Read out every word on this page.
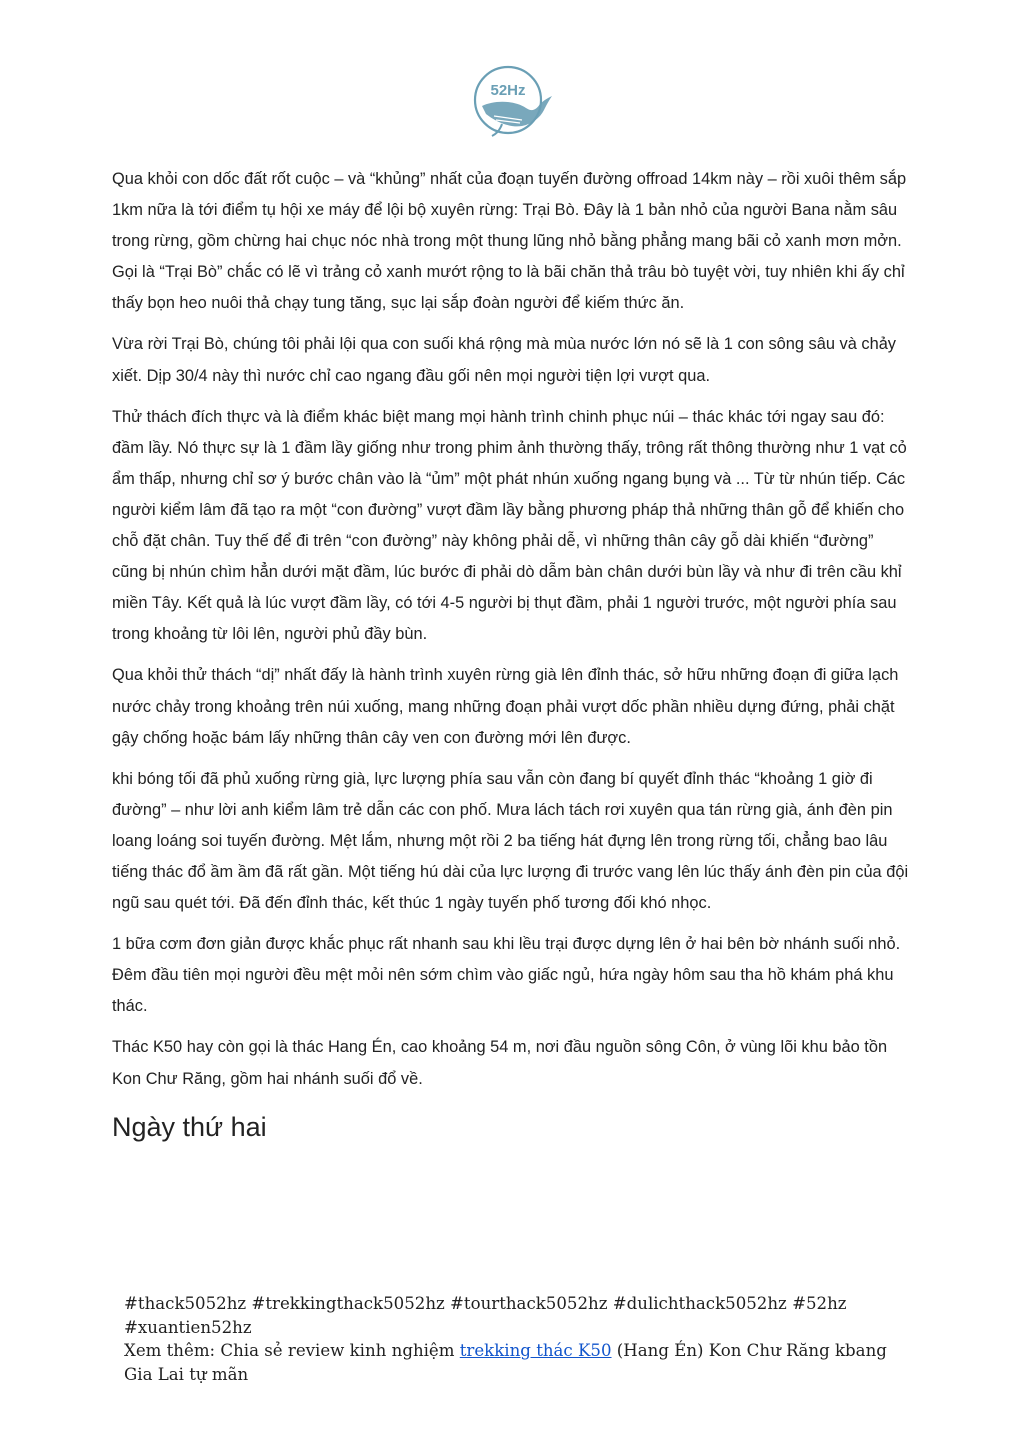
52Hz

Qua khỏi con dốc đất rốt cuộc – và “khủng” nhất của đoạn tuyến đường offroad 14km này – rồi xuôi thêm sắp 1km nữa là tới điểm tụ hội xe máy để lội bộ xuyên rừng: Trại Bò. Đây là 1 bản nhỏ của người Bana nằm sâu trong rừng, gồm chừng hai chục nóc nhà trong một thung lũng nhỏ bằng phẳng mang bãi cỏ xanh mơn mởn. Gọi là “Trại Bò” chắc có lẽ vì trảng cỏ xanh mướt rộng to là bãi chăn thả trâu bò tuyệt vời, tuy nhiên khi ấy chỉ thấy bọn heo nuôi thả chạy tung tăng, sục lại sắp đoàn người để kiếm thức ăn.

Vừa rời Trại Bò, chúng tôi phải lội qua con suối khá rộng mà mùa nước lớn nó sẽ là 1 con sông sâu và chảy xiết. Dịp 30/4 này thì nước chỉ cao ngang đầu gối nên mọi người tiện lợi vượt qua.

Thử thách đích thực và là điểm khác biệt mang mọi hành trình chinh phục núi – thác khác tới ngay sau đó: đầm lầy. Nó thực sự là 1 đầm lầy giống như trong phim ảnh thường thấy, trông rất thông thường như 1 vạt cỏ ẩm thấp, nhưng chỉ sơ ý bước chân vào là “ủm” một phát nhún xuống ngang bụng và ... Từ từ nhún tiếp. Các người kiểm lâm đã tạo ra một “con đường” vượt đầm lầy bằng phương pháp thả những thân gỗ để khiến cho chỗ đặt chân. Tuy thế để đi trên “con đường” này không phải dễ, vì những thân cây gỗ dài khiến “đường” cũng bị nhún chìm hẳn dưới mặt đầm, lúc bước đi phải dò dẫm bàn chân dưới bùn lầy và như đi trên cầu khỉ miền Tây. Kết quả là lúc vượt đầm lầy, có tới 4-5 người bị thụt đầm, phải 1 người trước, một người phía sau trong khoảng từ lôi lên, người phủ đầy bùn.

Qua khỏi thử thách “dị” nhất đấy là hành trình xuyên rừng già lên đỉnh thác, sở hữu những đoạn đi giữa lạch nước chảy trong khoảng trên núi xuống, mang những đoạn phải vượt dốc phần nhiều dựng đứng, phải chặt gậy chống hoặc bám lấy những thân cây ven con đường mới lên được.

khi bóng tối đã phủ xuống rừng già, lực lượng phía sau vẫn còn đang bí quyết đỉnh thác “khoảng 1 giờ đi đường” – như lời anh kiểm lâm trẻ dẫn các con phố. Mưa lách tách rơi xuyên qua tán rừng già, ánh đèn pin loang loáng soi tuyến đường. Mệt lắm, nhưng một rồi 2 ba tiếng hát đựng lên trong rừng tối, chẳng bao lâu tiếng thác đổ ầm ầm đã rất gần. Một tiếng hú dài của lực lượng đi trước vang lên lúc thấy ánh đèn pin của đội ngũ sau quét tới. Đã đến đỉnh thác, kết thúc 1 ngày tuyến phố tương đối khó nhọc.

1 bữa cơm đơn giản được khắc phục rất nhanh sau khi lều trại được dựng lên ở hai bên bờ nhánh suối nhỏ. Đêm đầu tiên mọi người đều mệt mỏi nên sớm chìm vào giấc ngủ, hứa ngày hôm sau tha hồ khám phá khu thác.

Thác K50 hay còn gọi là thác Hang Én, cao khoảng 54 m, nơi đầu nguồn sông Côn, ở vùng lõi khu bảo tồn Kon Chư Răng, gồm hai nhánh suối đổ về.

Ngày thứ hai
#thack5052hz #trekkingthack5052hz #tourthack5052hz #dulichthack5052hz #52hz
#xuantien52hz
Xem thêm: Chia sẻ review kinh nghiệm trekking thác K50 (Hang Én) Kon Chư Răng kbang
Gia Lai tự mãn
